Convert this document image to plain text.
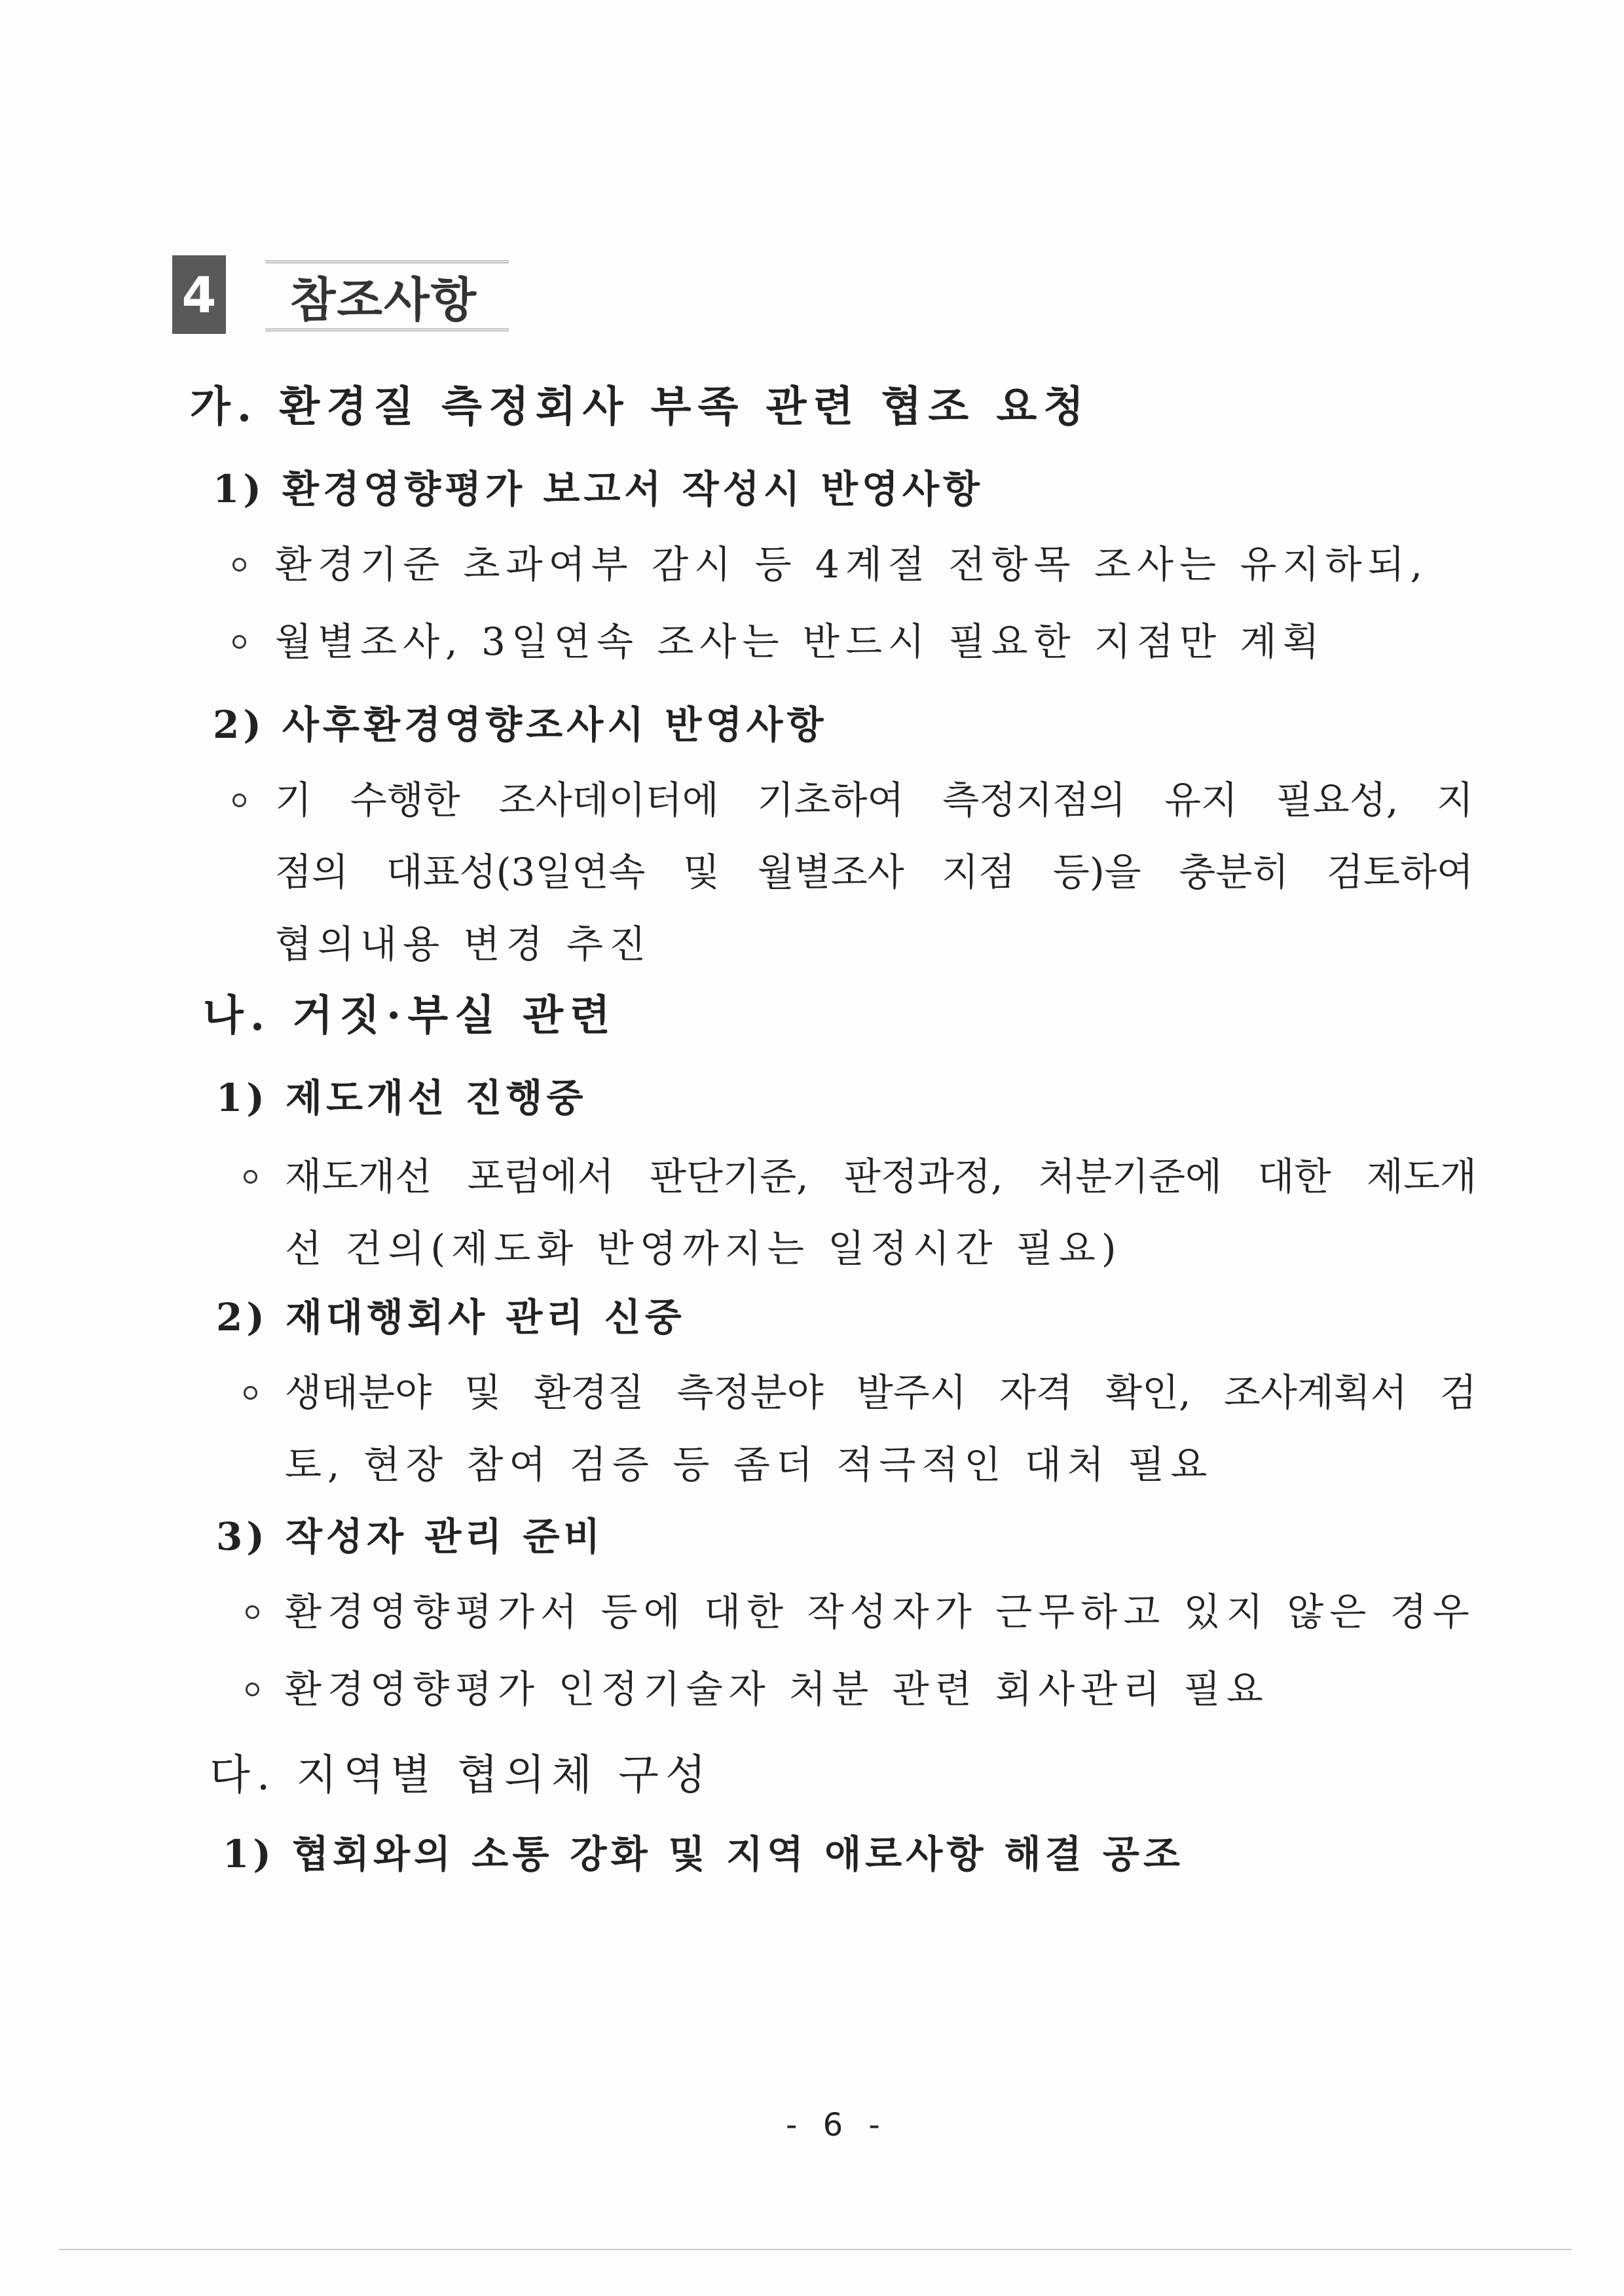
4	참조사항
가. 환경질 측정회사 부족 관련 협조 요청
1) 환경영향평가 보고서 작성시 반영사항
환경기준 초과여부 감시 등 4계절 전항목 조사는 유지하되,
월별조사, 3일연속 조사는 반드시 필요한 지점만 계획
2) 사후환경영향조사시 반영사항
기 수행한 조사데이터에 기초하여 측정지점의 유지 필요성, 지
점의 대표성(3일연속 및 월별조사 지점 등)을 충분히 검토하여
협의내용 변경 추진
나. 거짓·부실 관련
1) 제도개선 진행중
재도개선 포럼에서 판단기준, 판정과정, 처분기준에 대한 제도개
선 건의(제도화 반영까지는 일정시간 필요)
2) 재대행회사 관리 신중
생태분야 및 환경질 측정분야 발주시 자격 확인, 조사계획서 검
토, 현장 참여 검증 등 좀더 적극적인 대처 필요
3) 작성자 관리 준비
환경영향평가서 등에 대한 작성자가 근무하고 있지 않은 경우
환경영향평가 인정기술자 처분 관련 회사관리 필요
다. 지역별 협의체 구성
1) 협회와의 소통 강화 및 지역 애로사항 해결 공조
- 6 -
